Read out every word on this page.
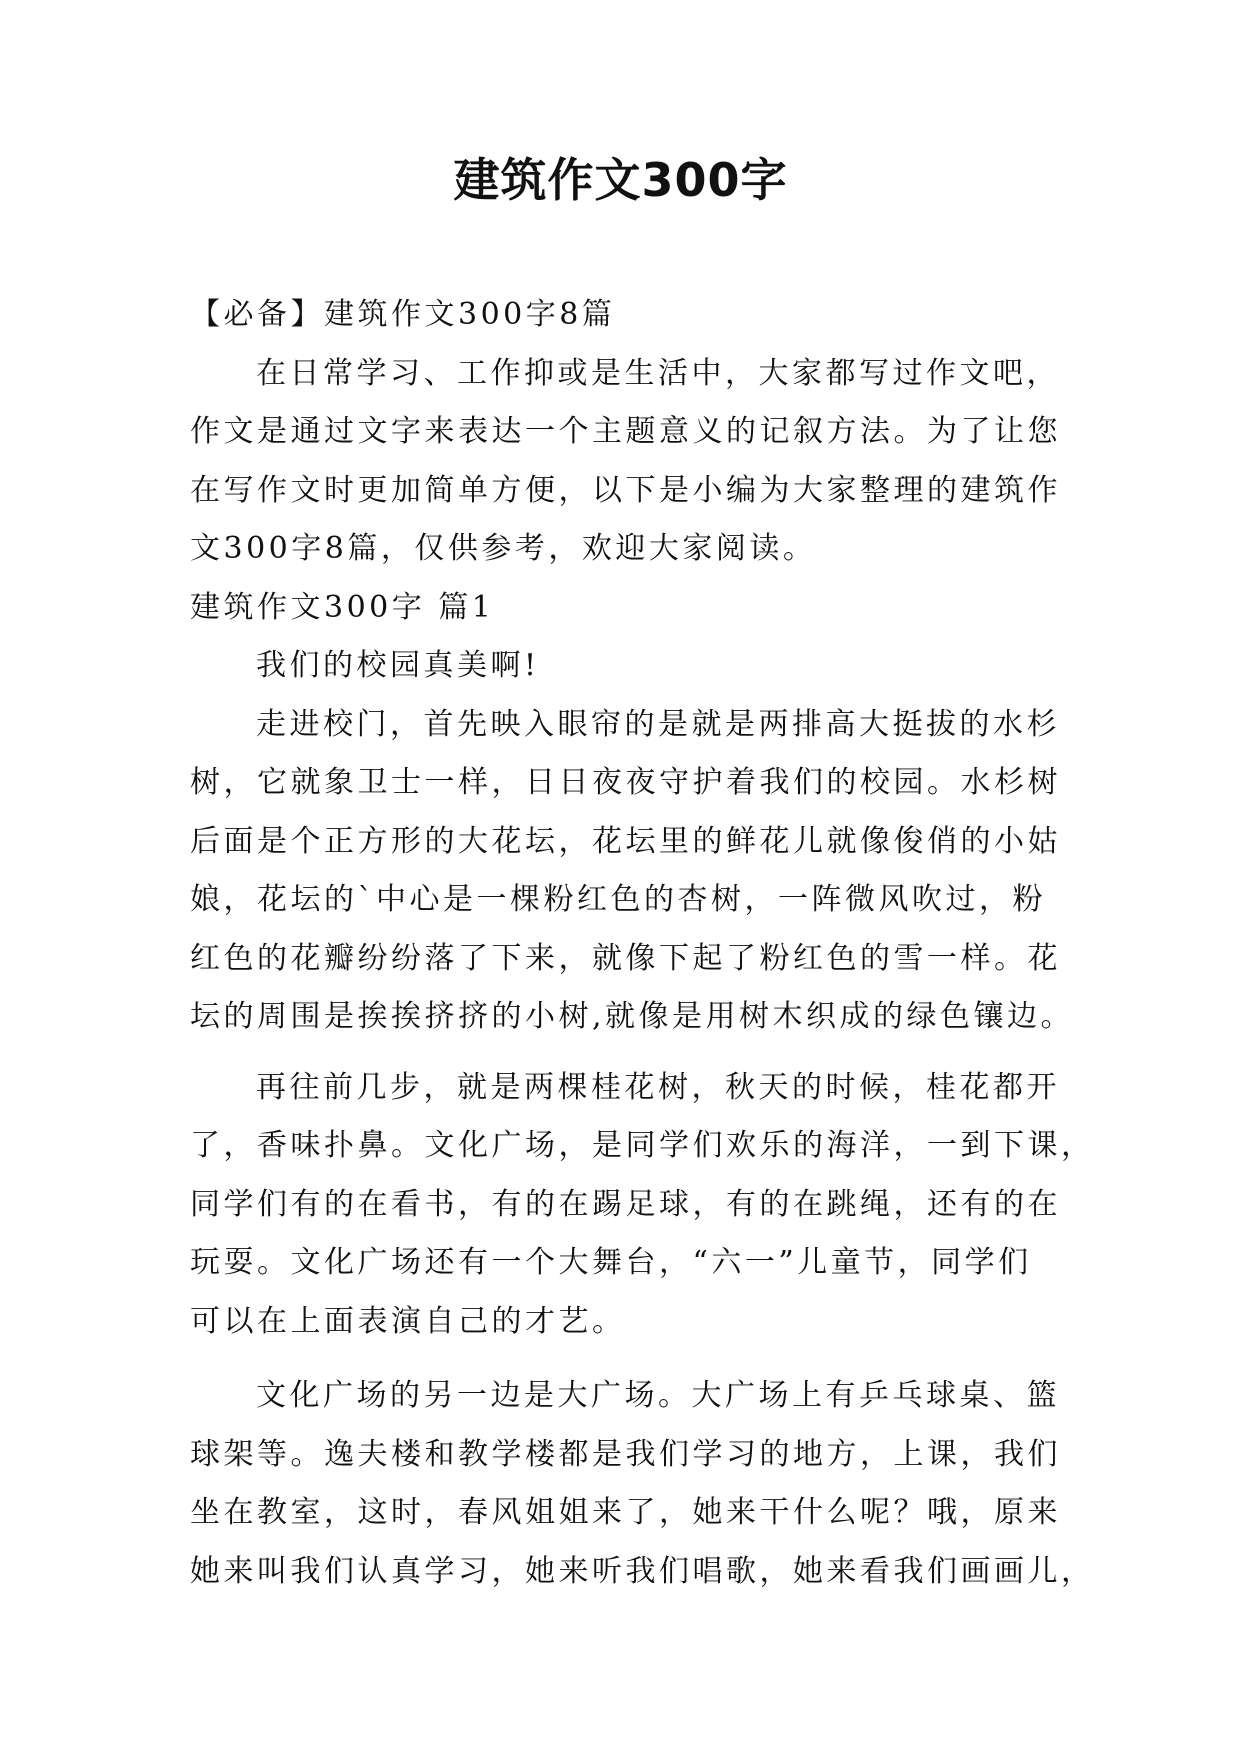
建筑作文300字

【必备】建筑作文300字8篇

在日常学习、工作抑或是生活中，大家都写过作文吧，

作文是通过文字来表达一个主题意义的记叙方法。为了让您

在写作文时更加简单方便，以下是小编为大家整理的建筑作

文300字8篇，仅供参考，欢迎大家阅读。

建筑作文300字 篇1

我们的校园真美啊!

走进校门，首先映入眼帘的是就是两排高大挺拔的水杉

树，它就象卫士一样，日日夜夜守护着我们的校园。水杉树

后面是个正方形的大花坛，花坛里的鲜花儿就像俊俏的小姑

娘，花坛的`中心是一棵粉红色的杏树，一阵微风吹过，粉

红色的花瓣纷纷落了下来，就像下起了粉红色的雪一样。花

坛的周围是挨挨挤挤的小树,就像是用树木织成的绿色镶边。

再往前几步，就是两棵桂花树，秋天的时候，桂花都开

了，香味扑鼻。文化广场，是同学们欢乐的海洋，一到下课，

同学们有的在看书，有的在踢足球，有的在跳绳，还有的在

玩耍。文化广场还有一个大舞台，“六一”儿童节，同学们

可以在上面表演自己的才艺。

文化广场的另一边是大广场。大广场上有乒乓球桌、篮

球架等。逸夫楼和教学楼都是我们学习的地方，上课，我们

坐在教室，这时，春风姐姐来了，她来干什么呢？哦，原来

她来叫我们认真学习，她来听我们唱歌，她来看我们画画儿，
